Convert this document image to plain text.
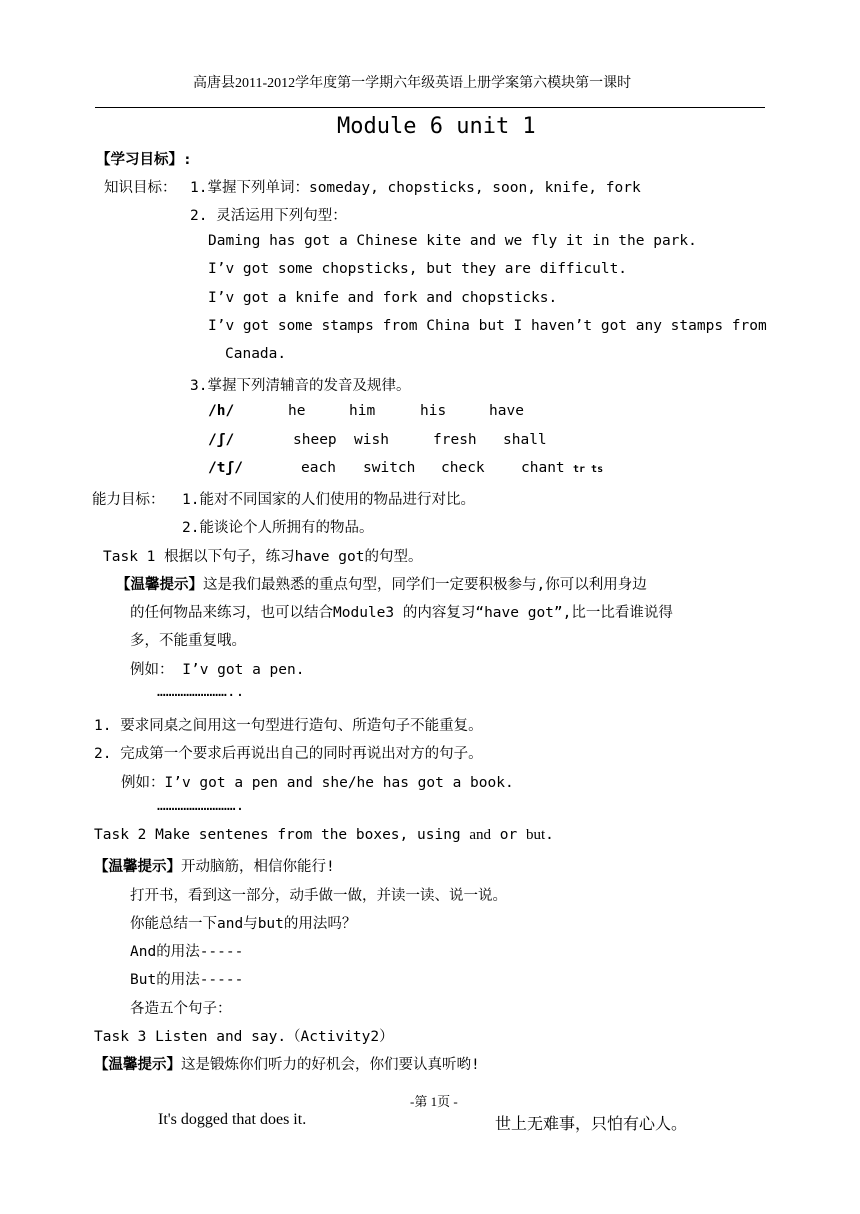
高唐县2011-2012学年度第一学期六年级英语上册学案第六模块第一课时
Module 6 unit 1
【学习目标】:
知识目标： 1.掌握下列单词：someday, chopsticks, soon, knife, fork
2. 灵活运用下列句型：
Daming has got a Chinese kite and we fly it in the park.
I’v got some chopsticks, but they are difficult.
I’v got a knife and fork and chopsticks.
I’v got some stamps from China but I haven’t got any stamps from
Canada.
3.掌握下列清辅音的发音及规律。
/h/	he	him	his	have
/ʃ/	sheep wish	fresh shall
/tʃ/	each switch check	chant tr ts
能力目标： 1.能对不同国家的人们使用的物品进行对比。
2.能谈论个人所拥有的物品。
Task 1 根据以下句子，练习have got的句型。
【温馨提示】这是我们最熟悉的重点句型，同学们一定要积极参与,你可以利用身边
的任何物品来练习，也可以结合Module3 的内容复习“have got”,比一比看谁说得
多，不能重复哦。
例如： I’v got a pen.
……………………..
1. 要求同桌之间用这一句型进行造句、所造句子不能重复。
2. 完成第一个要求后再说出自己的同时再说出对方的句子。
例如：I’v got a pen and she/he has got a book.
……………………….
Task 2 Make sentenes from the boxes, using and or but.
【温馨提示】开动脑筋，相信你能行!
打开书，看到这一部分，动手做一做，并读一读、说一说。
你能总结一下and与but的用法吗？
And的用法-----
But的用法-----
各造五个句子：
Task 3 Listen and say.（Activity2）
【温馨提示】这是锻炼你们听力的好机会，你们要认真听哟!
-第 1页 -
It's dogged that does it.	世上无难事，只怕有心人。
